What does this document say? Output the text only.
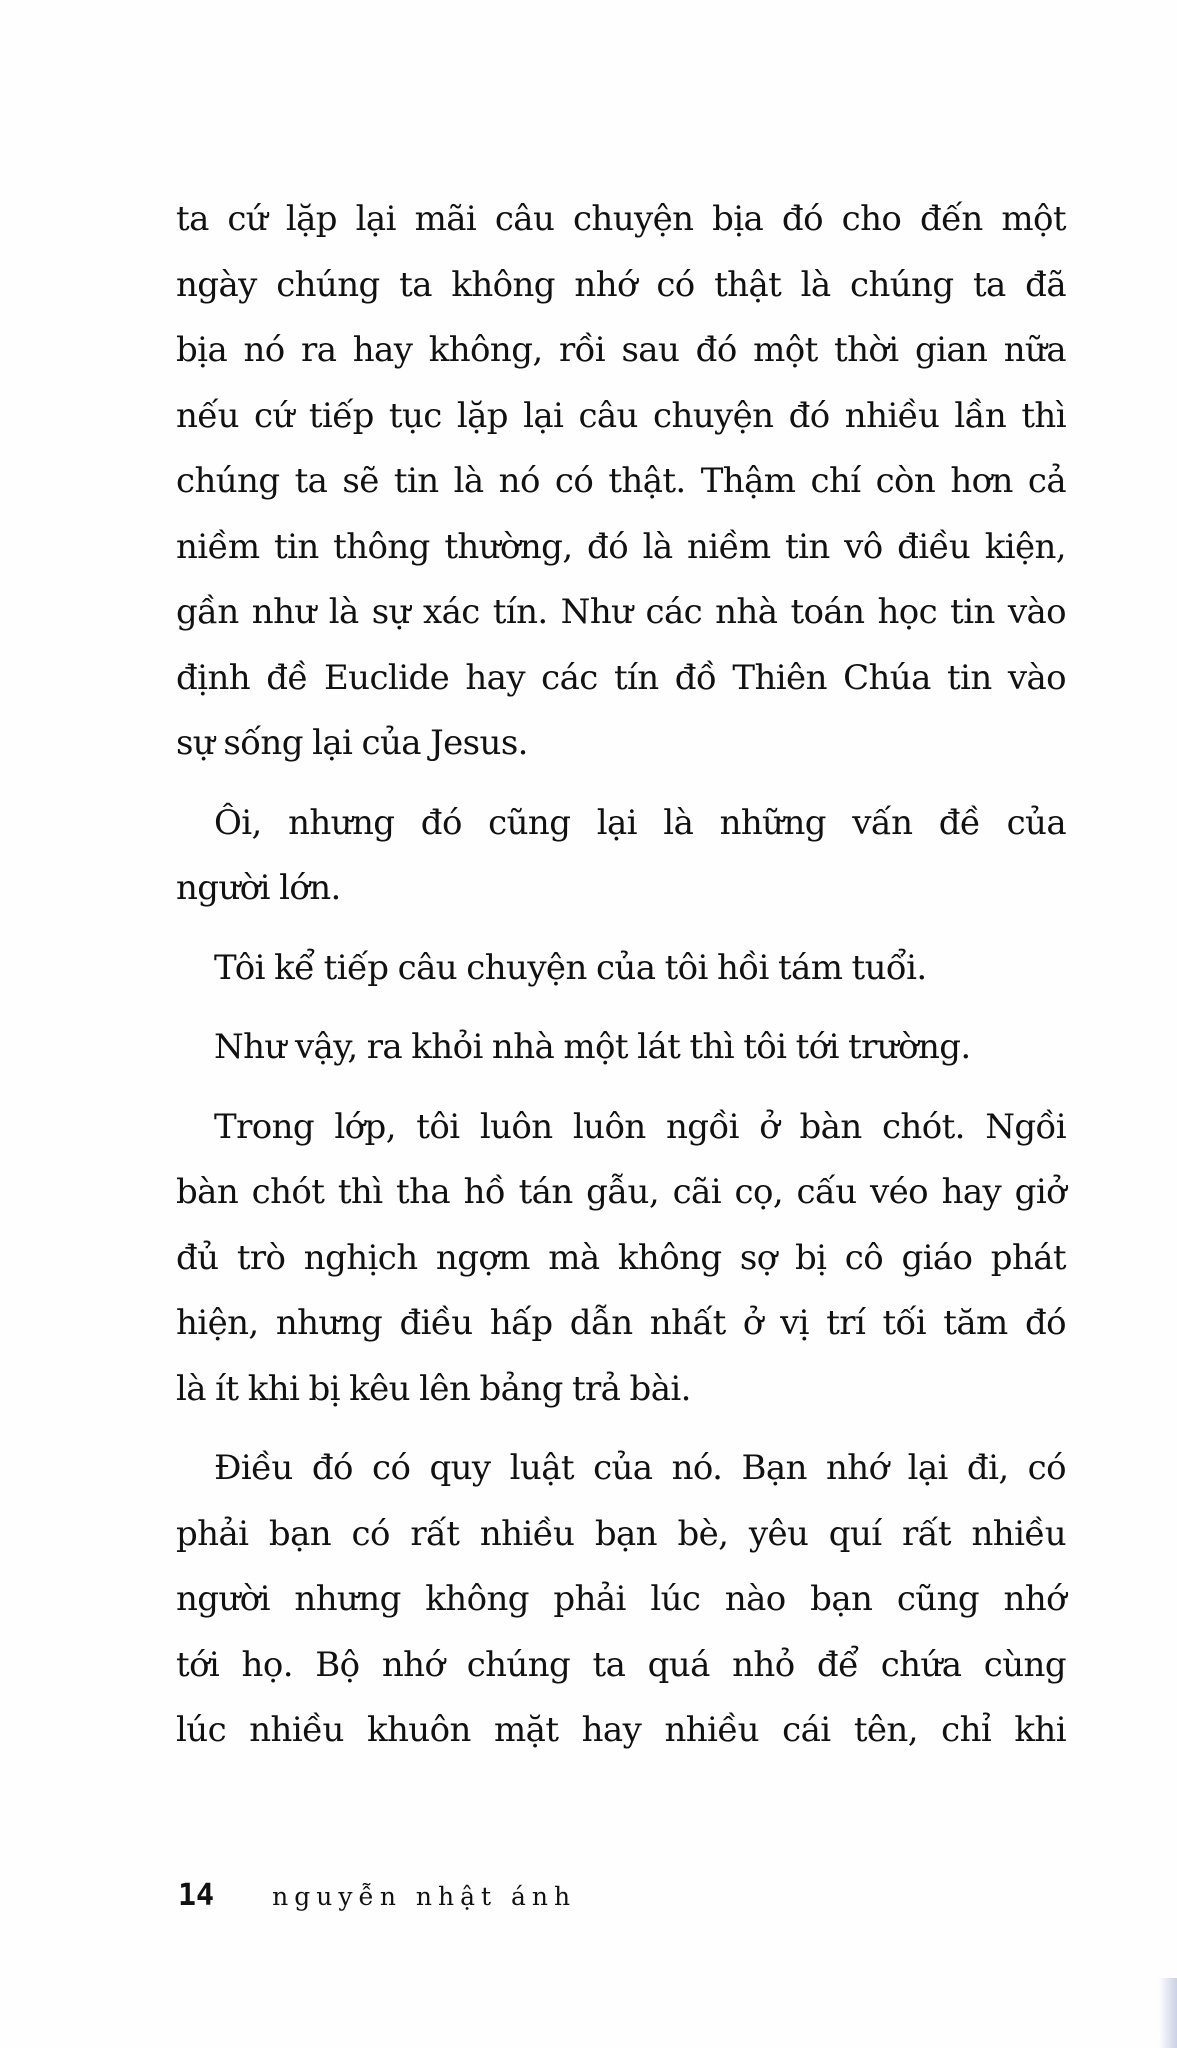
ta cứ lặp lại mãi câu chuyện bịa đó cho đến một
ngày chúng ta không nhớ có thật là chúng ta đã
bịa nó ra hay không, rồi sau đó một thời gian nữa
nếu cứ tiếp tục lặp lại câu chuyện đó nhiều lần thì
chúng ta sẽ tin là nó có thật. Thậm chí còn hơn cả
niềm tin thông thường, đó là niềm tin vô điều kiện,
gần như là sự xác tín. Như các nhà toán học tin vào
định đề Euclide hay các tín đồ Thiên Chúa tin vào
sự sống lại của Jesus.

Ôi, nhưng đó cũng lại là những vấn đề của
người lớn.

Tôi kể tiếp câu chuyện của tôi hồi tám tuổi.

Như vậy, ra khỏi nhà một lát thì tôi tới trường.

Trong lớp, tôi luôn luôn ngồi ở bàn chót. Ngồi
bàn chót thì tha hồ tán gẫu, cãi cọ, cấu véo hay giở
đủ trò nghịch ngợm mà không sợ bị cô giáo phát
hiện, nhưng điều hấp dẫn nhất ở vị trí tối tăm đó
là ít khi bị kêu lên bảng trả bài.

Điều đó có quy luật của nó. Bạn nhớ lại đi, có
phải bạn có rất nhiều bạn bè, yêu quí rất nhiều
người nhưng không phải lúc nào bạn cũng nhớ
tới họ. Bộ nhớ chúng ta quá nhỏ để chứa cùng
lúc nhiều khuôn mặt hay nhiều cái tên, chỉ khi

14 nguyễn nhật ánh
